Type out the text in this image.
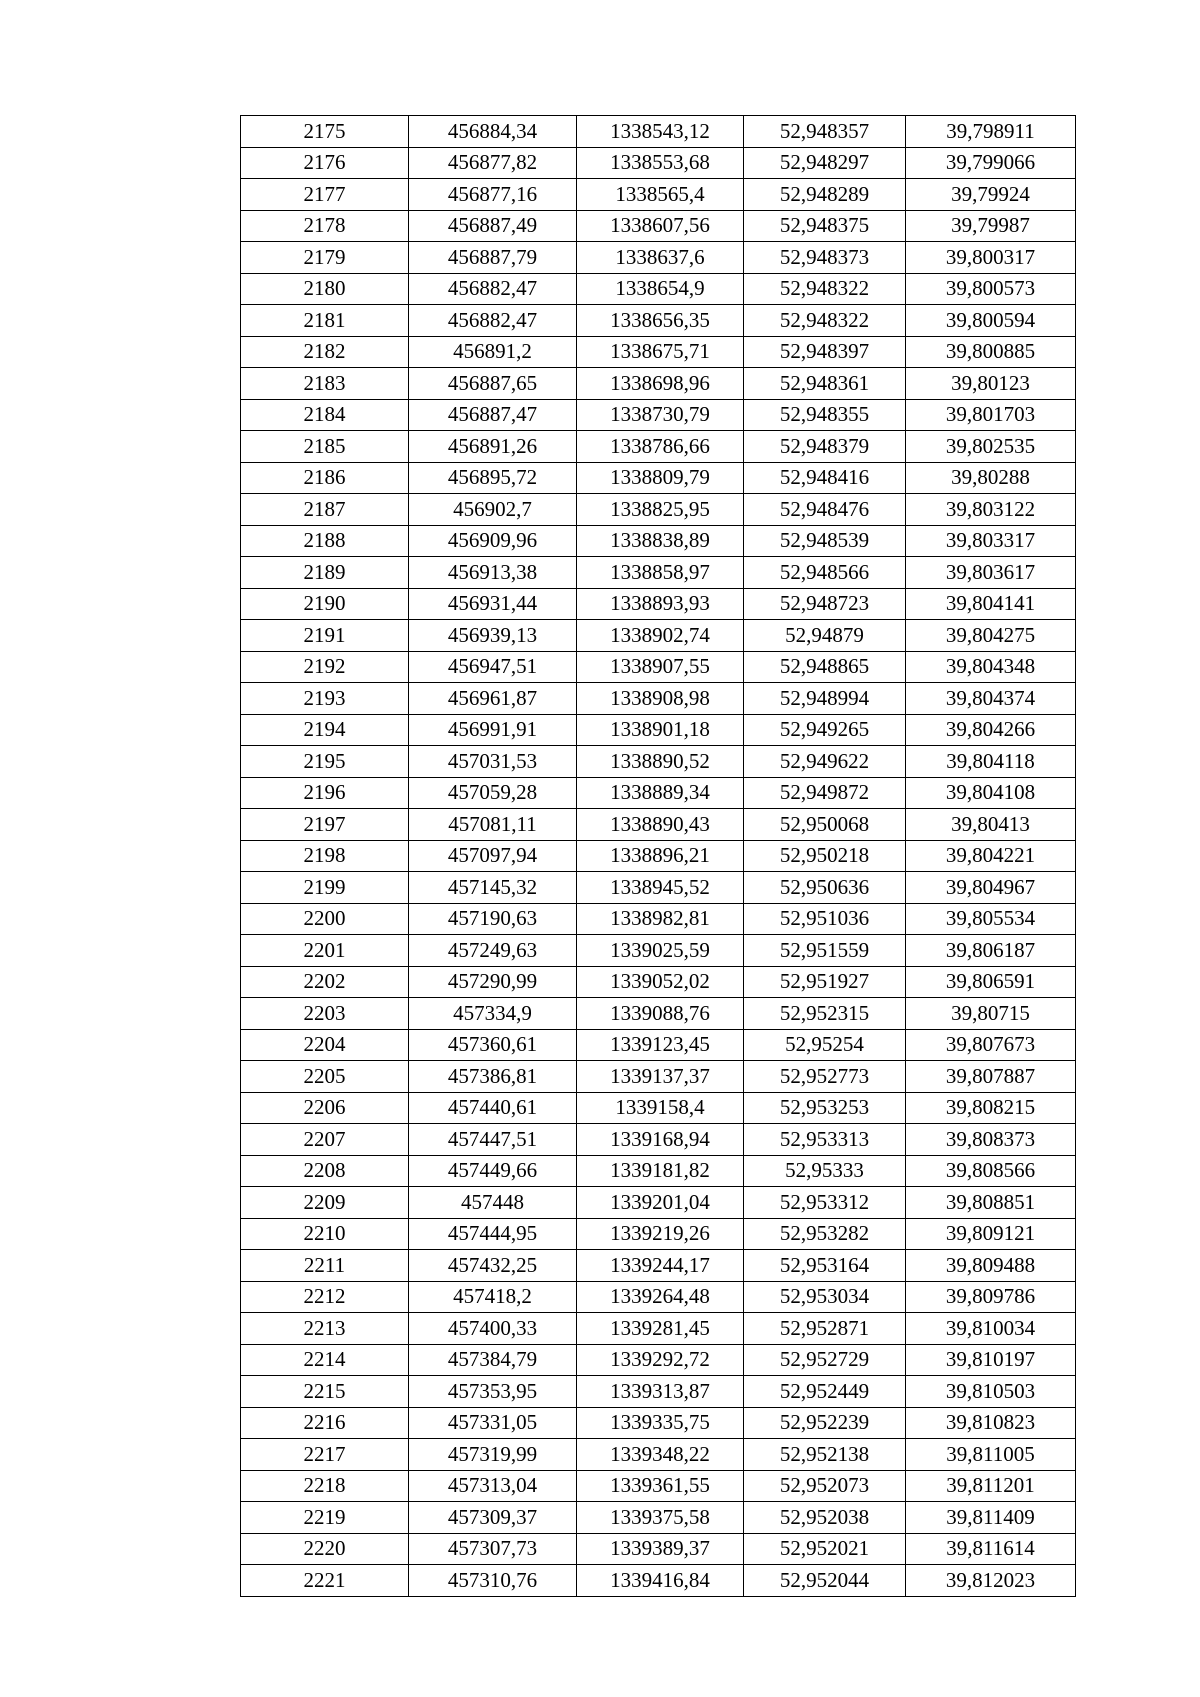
2175	456884,34	1338543,12	52,948357	39,798911
2176	456877,82	1338553,68	52,948297	39,799066
2177	456877,16	1338565,4	52,948289	39,79924
2178	456887,49	1338607,56	52,948375	39,79987
2179	456887,79	1338637,6	52,948373	39,800317
2180	456882,47	1338654,9	52,948322	39,800573
2181	456882,47	1338656,35	52,948322	39,800594
2182	456891,2	1338675,71	52,948397	39,800885
2183	456887,65	1338698,96	52,948361	39,80123
2184	456887,47	1338730,79	52,948355	39,801703
2185	456891,26	1338786,66	52,948379	39,802535
2186	456895,72	1338809,79	52,948416	39,80288
2187	456902,7	1338825,95	52,948476	39,803122
2188	456909,96	1338838,89	52,948539	39,803317
2189	456913,38	1338858,97	52,948566	39,803617
2190	456931,44	1338893,93	52,948723	39,804141
2191	456939,13	1338902,74	52,94879	39,804275
2192	456947,51	1338907,55	52,948865	39,804348
2193	456961,87	1338908,98	52,948994	39,804374
2194	456991,91	1338901,18	52,949265	39,804266
2195	457031,53	1338890,52	52,949622	39,804118
2196	457059,28	1338889,34	52,949872	39,804108
2197	457081,11	1338890,43	52,950068	39,80413
2198	457097,94	1338896,21	52,950218	39,804221
2199	457145,32	1338945,52	52,950636	39,804967
2200	457190,63	1338982,81	52,951036	39,805534
2201	457249,63	1339025,59	52,951559	39,806187
2202	457290,99	1339052,02	52,951927	39,806591
2203	457334,9	1339088,76	52,952315	39,80715
2204	457360,61	1339123,45	52,95254	39,807673
2205	457386,81	1339137,37	52,952773	39,807887
2206	457440,61	1339158,4	52,953253	39,808215
2207	457447,51	1339168,94	52,953313	39,808373
2208	457449,66	1339181,82	52,95333	39,808566
2209	457448	1339201,04	52,953312	39,808851
2210	457444,95	1339219,26	52,953282	39,809121
2211	457432,25	1339244,17	52,953164	39,809488
2212	457418,2	1339264,48	52,953034	39,809786
2213	457400,33	1339281,45	52,952871	39,810034
2214	457384,79	1339292,72	52,952729	39,810197
2215	457353,95	1339313,87	52,952449	39,810503
2216	457331,05	1339335,75	52,952239	39,810823
2217	457319,99	1339348,22	52,952138	39,811005
2218	457313,04	1339361,55	52,952073	39,811201
2219	457309,37	1339375,58	52,952038	39,811409
2220	457307,73	1339389,37	52,952021	39,811614
2221	457310,76	1339416,84	52,952044	39,812023
